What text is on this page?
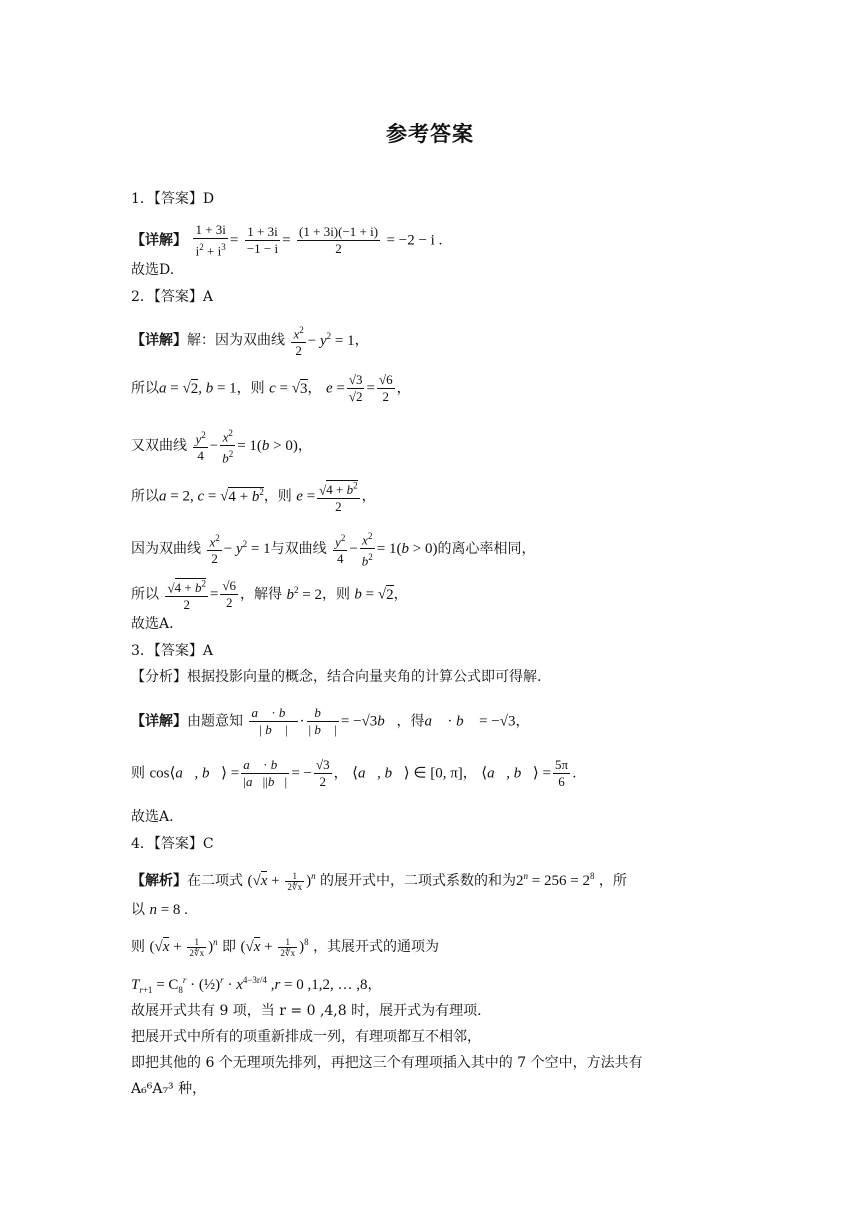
参考答案
1．【答案】D
【详解】 $\frac{1 + 3i}{i^2 + i^3} = \frac{1 + 3i}{-1 - i} = \frac{(1 + 3i)(-1 + i)}{2} = -2 - i$ .
故选D.
2．【答案】A
【详解】解：因为双曲线 $\frac{x^2}{2} - y^2 = 1$，
所以a = √2, b = 1，则 c = √3， $e = \frac{√3}{√2} = \frac{√6}{2}$ ，
又双曲线 $\frac{y^2}{4} - \frac{x^2}{b^2} = 1(b > 0)$，
所以a = 2, $c = √4 + b^2$，则 $e = \frac{√4 + b^2}{2}$ ，
因为双曲线 $\frac{x^2}{2} - y^2 = 1$与双曲线 $\frac{y^2}{4} - \frac{x^2}{b^2} = 1(b > 0)$的离心率相同，
所以 $\frac{√4 + b^2}{2} = \frac{√6}{2}$ ，解得 $b^2 = 2$，则 b = √2，
故选A.
3．【答案】A
【分析】根据投影向量的概念，结合向量夹角的计算公式即可得解.
【详解】由题意知 $\frac{a⃗ \cdot b⃗}{| b⃗ |} \cdot \frac{b⃗}{| b⃗ |}$ = −√3b⃗，得a⃗ · b⃗ = −√3，
则 cos⟨a⃗, b⃗⟩ = $\frac{a⃗ \cdot b⃗}{|a⃗||b⃗|}$ = − $\frac{√3}{2}$ ， ⟨a⃗, b⃗⟩ ∈ [0, π]， ⟨a⃗, b⃗⟩ = $\frac{5\pi}{6}$ .
故选A.
4．【答案】C
【解析】在二项式 $(√x + \frac{1}{2∜x} )^n$ 的展开式中，二项式系数的和为$2^n = 256 = 2^8$ ，所
以 n = 8 .
则 $(√x + \frac{1}{2∜x} )^n$ 即 $(√x + \frac{1}{2∜x} )^8$ ，其展开式的通项为
$T_{r+1} = C_8^r$ · (½)$^r$ · $x^{4-3r/4}$ ,r = 0 ,1,2, … ,8，
故展开式共有 9 项，当 r = 0 ,4,8 时，展开式为有理项.
把展开式中所有的项重新排成一列，有理项都互不相邻，
即把其他的 6 个无理项先排列，再把这三个有理项插入其中的 7 个空中，方法共有
A₆⁶A₇³ 种，
